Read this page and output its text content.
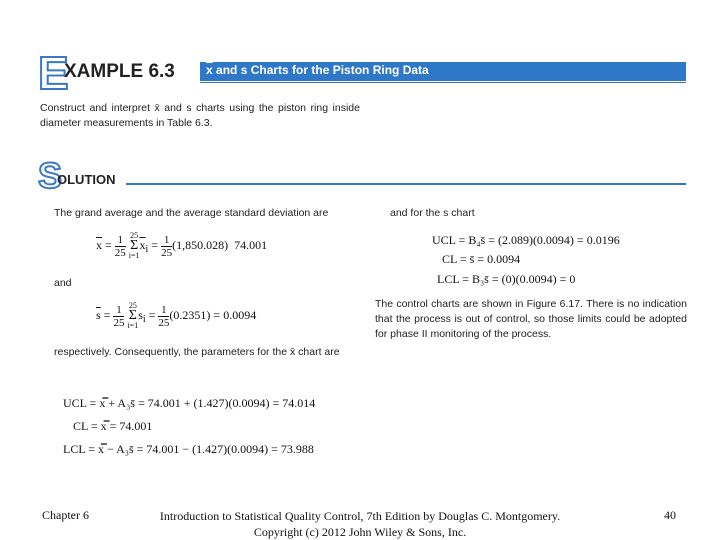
E
XAMPLE 6.3	$\overline{x}$ and s Charts for the Piston Ring Data
Construct and interpret x̄ and s charts using the piston ring inside diameter measurements in Table 6.3.
S
OLUTION
The grand average and the average standard deviation are
$\overline{x} = \frac{1}{25} 25$
Σ
$i=1\overline{x}_i = \frac{1}{25} (1,850.028)$ 74.001
and
$\overline{s} = \frac{1}{25} 25$
Σ
$i=1s_i = \frac{1}{25} (0.2351) = 0.0094$
respectively. Consequently, the parameters for the x̄ chart are
UCL = x̿ + A₃s̄ = 74.001 + (1.427)(0.0094) = 74.014
CL = x̿ = 74.001
LCL = x̿ − A₃s̄ = 74.001 − (1.427)(0.0094) = 73.988
and for the s chart
UCL = B₄s̄ = (2.089)(0.0094) = 0.0196
CL = s̄ = 0.0094
LCL = B₃s̄ = (0)(0.0094) = 0
The control charts are shown in Figure 6.17. There is no indication that the process is out of control, so those limits could be adopted for phase II monitoring of the process.
Chapter 6	Introduction to Statistical Quality Control, 7th Edition by Douglas C. Montgomery.
Copyright (c) 2012 John Wiley & Sons, Inc.
40
